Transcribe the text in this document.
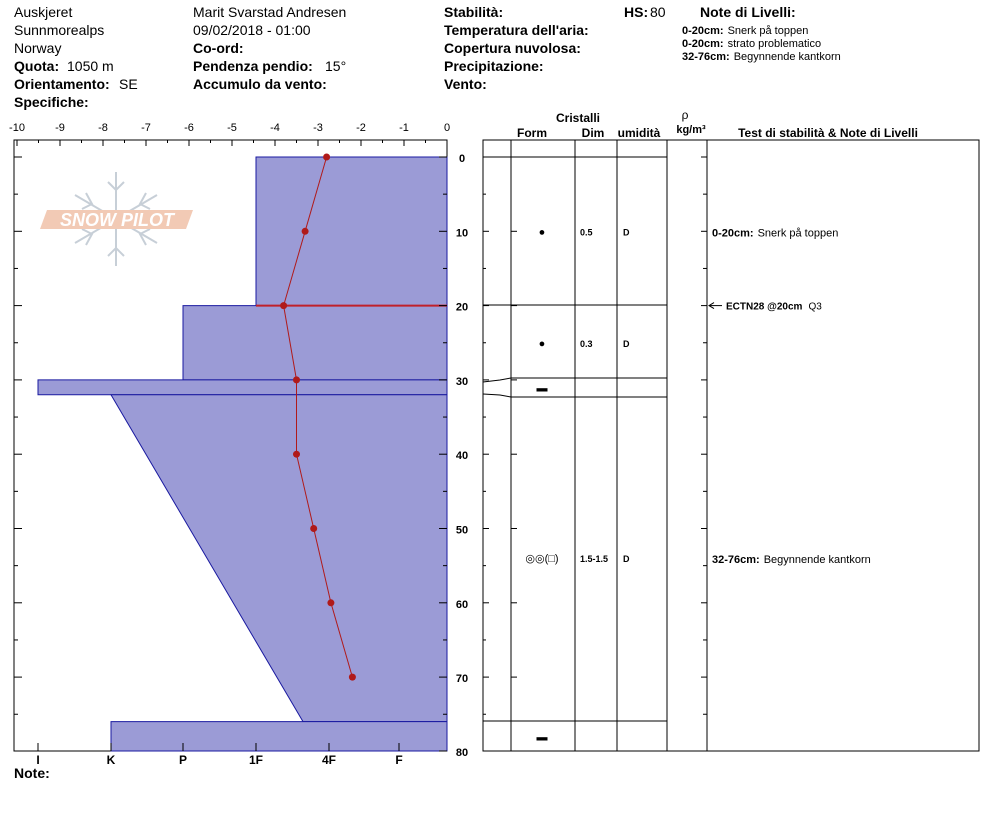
Auskjeret
Sunnmorealps
Norway
Quota: 1050 m
Orientamento: SE
Specifiche:
Marit Svarstad Andresen
09/02/2018 - 01:00
Co-ord:
Pendenza pendio: 15°
Accumulo da vento:
Stabilità:
Temperatura dell'aria:
Copertura nuvolosa:
Precipitazione:
Vento:
HS: 80 Note di Livelli:
0-20cm: Snerk på toppen
0-20cm: strato problematico
32-76cm: Begynnende kantkorn
-10	-9	-8	-7	-6	-5	-4	-3	-2	-1	0
0
10
20
30
40
50
60
70
80
I	K	P	1F	4F	F
SNOW PILOT
Cristalli
Form	Dim umidità
ρ
kg/m³	Test di stabilità & Note di Livelli
●	0.5	D
●	0.3	D
▬
◎◎(□) 1.5-1.5 D
▬
0-20cm: Snerk på toppen
32-76cm: Begynnende kantkorn
ECTN28 @20cm Q3
Note:
